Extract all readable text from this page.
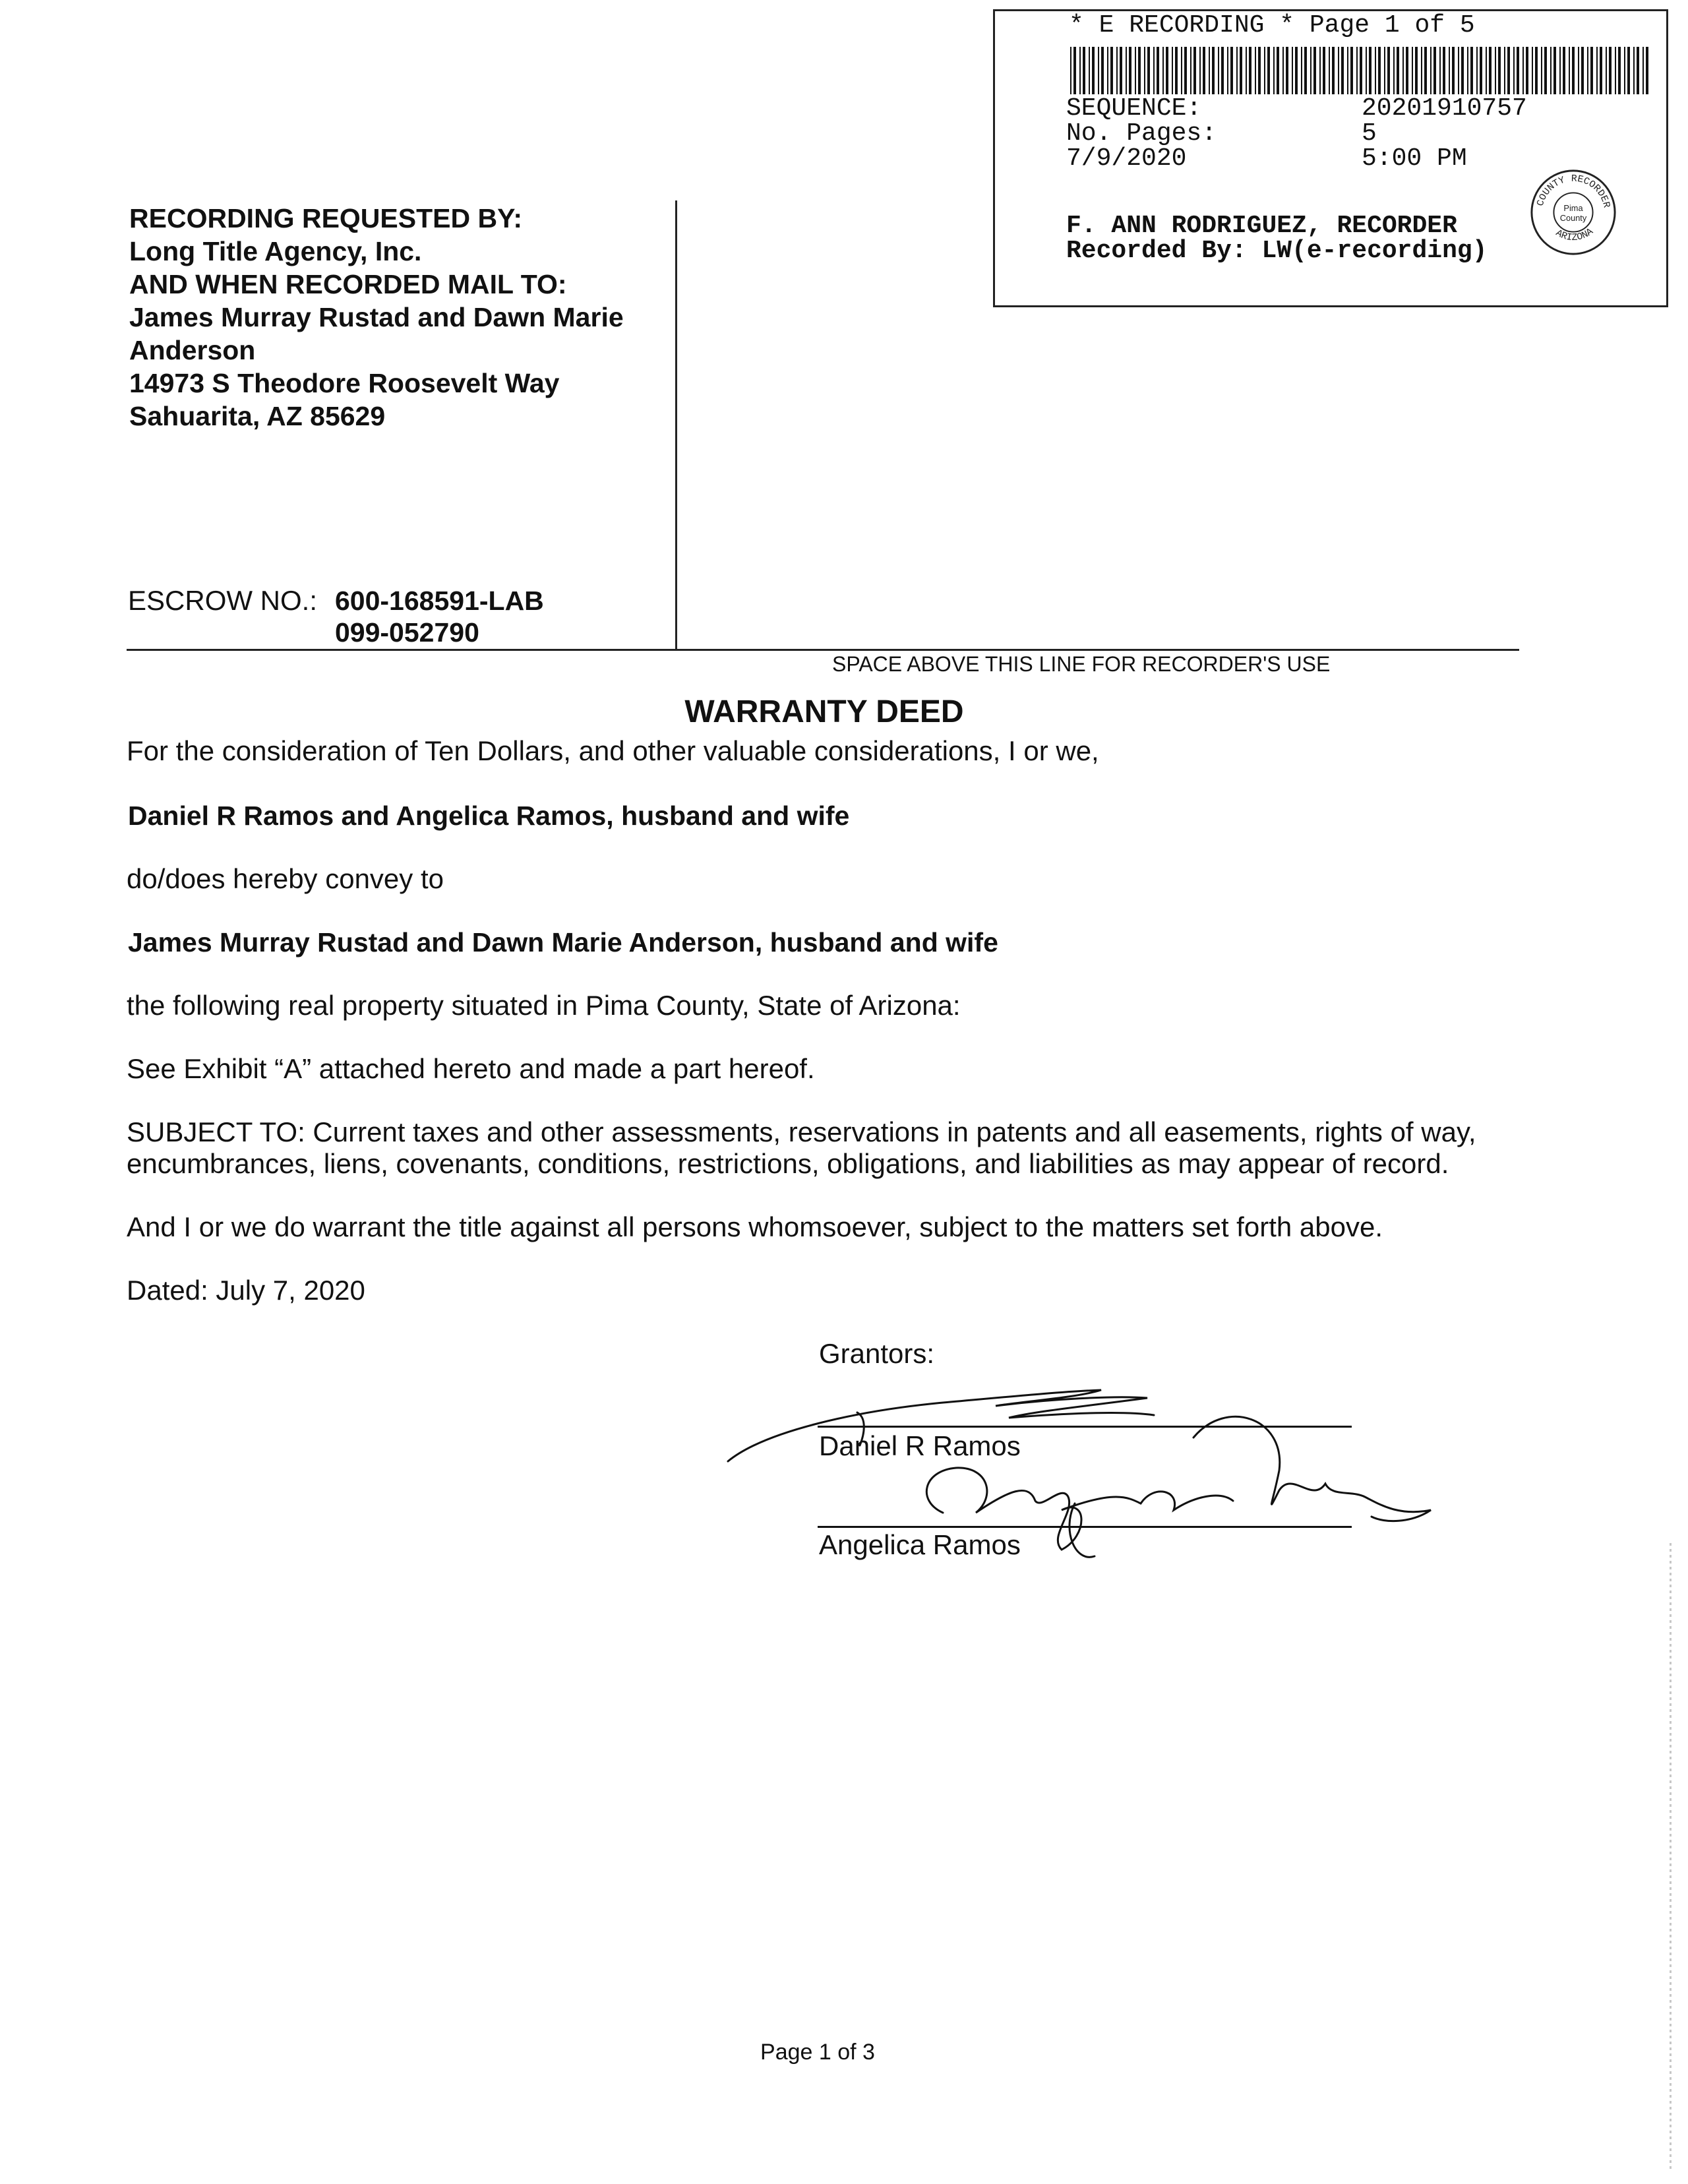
* E RECORDING * Page 1 of 5
SEQUENCE:	20201910757
No. Pages:	5
7/9/2020	5:00 PM
F. ANN RODRIGUEZ, RECORDER
Recorded By: LW(e-recording)
COUNTY RECORDER
ARIZONA
Pima
County
RECORDING REQUESTED BY:
Long Title Agency, Inc.
AND WHEN RECORDED MAIL TO:
James Murray Rustad and Dawn Marie
Anderson
14973 S Theodore Roosevelt Way
Sahuarita, AZ 85629
ESCROW NO.: 600-168591-LAB
099-052790
SPACE ABOVE THIS LINE FOR RECORDER'S USE
WARRANTY DEED
For the consideration of Ten Dollars, and other valuable considerations, I or we,
Daniel R Ramos and Angelica Ramos, husband and wife
do/does hereby convey to
James Murray Rustad and Dawn Marie Anderson, husband and wife
the following real property situated in Pima County, State of Arizona:
See Exhibit “A” attached hereto and made a part hereof.
SUBJECT TO: Current taxes and other assessments, reservations in patents and all easements, rights of way,
encumbrances, liens, covenants, conditions, restrictions, obligations, and liabilities as may appear of record.
And I or we do warrant the title against all persons whomsoever, subject to the matters set forth above.
Dated: July 7, 2020
Grantors:
Daniel R Ramos
Angelica Ramos
Page 1 of 3
